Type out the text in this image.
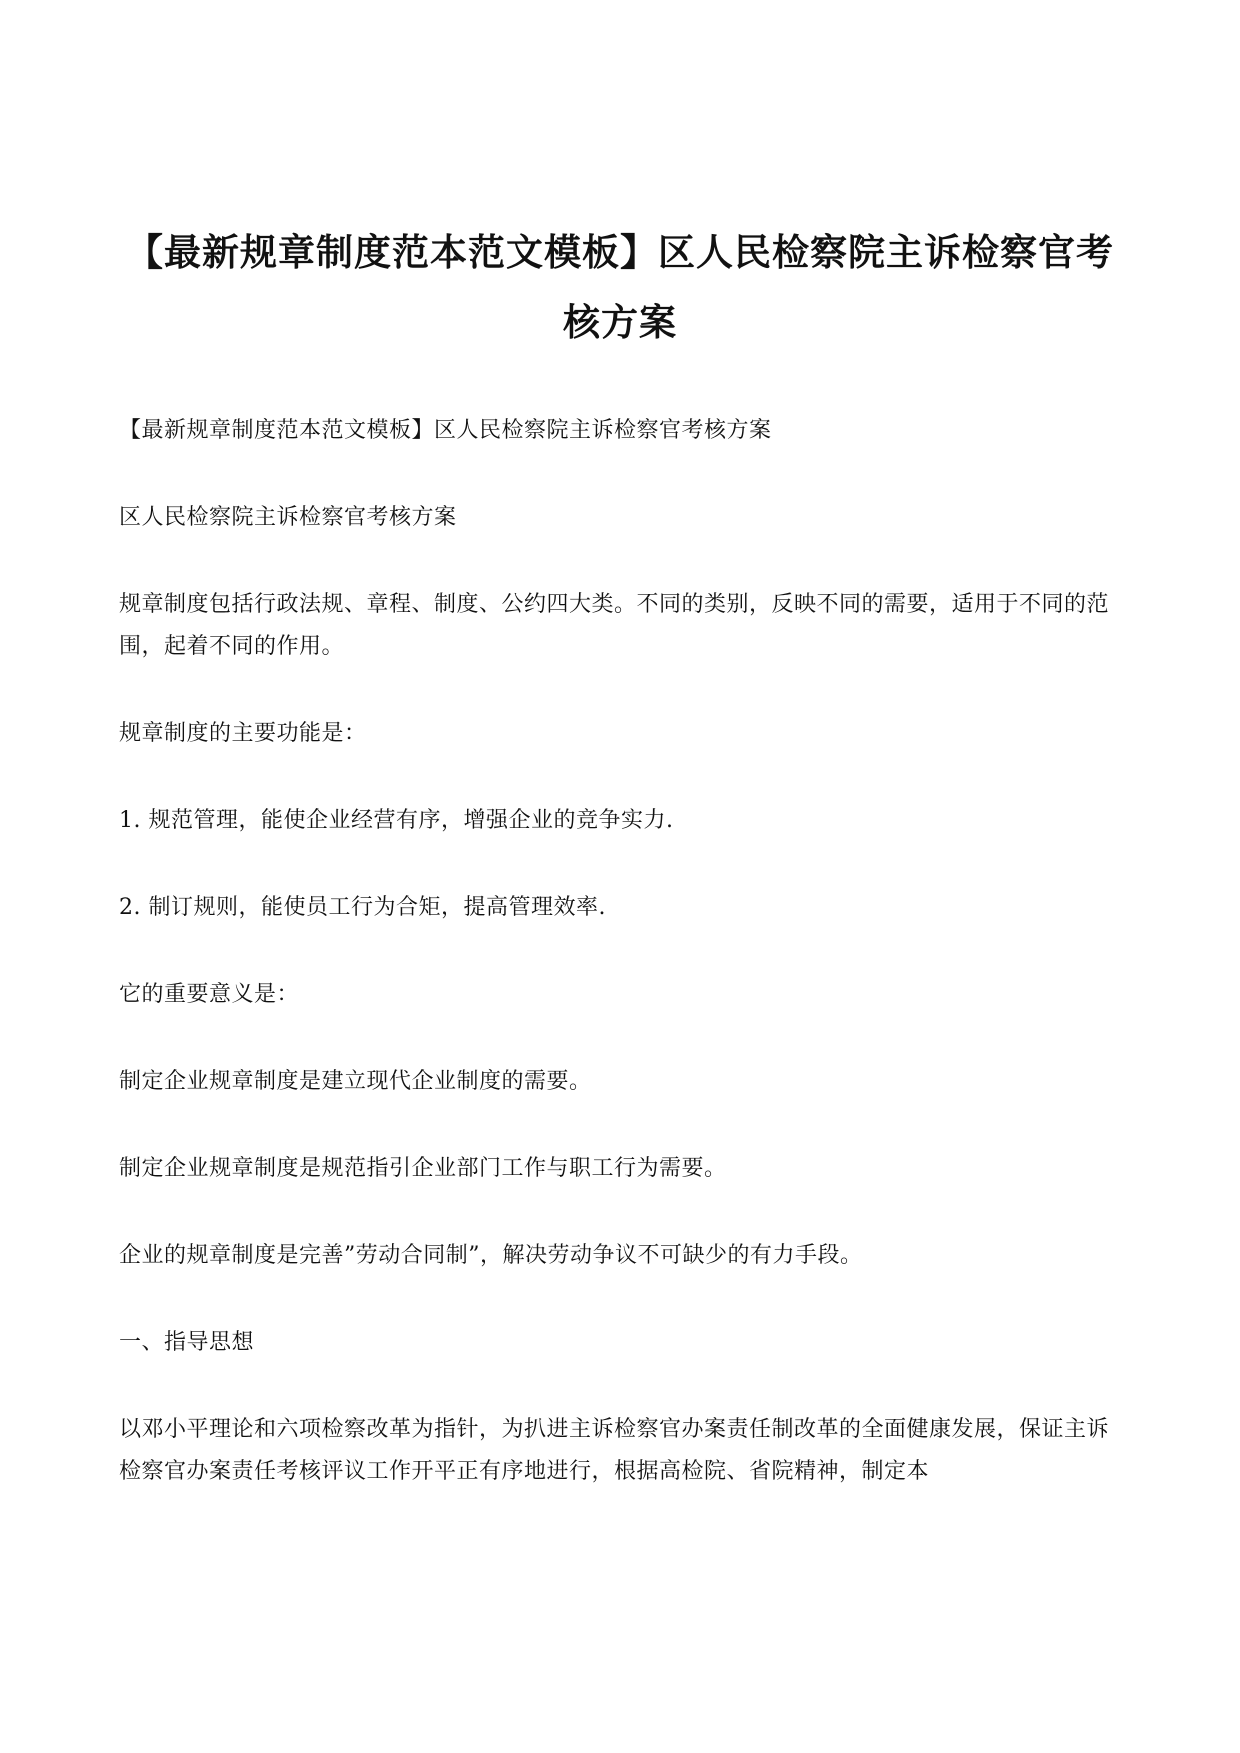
【最新规章制度范本范文模板】区人民检察院主诉检察官考核方案

【最新规章制度范本范文模板】区人民检察院主诉检察官考核方案

区人民检察院主诉检察官考核方案

规章制度包括行政法规、章程、制度、公约四大类。不同的类别，反映不同的需要，适用于不同的范围，起着不同的作用。

规章制度的主要功能是：

1. 规范管理，能使企业经营有序，增强企业的竞争实力.

2. 制订规则，能使员工行为合矩，提高管理效率.

它的重要意义是：

制定企业规章制度是建立现代企业制度的需要。

制定企业规章制度是规范指引企业部门工作与职工行为需要。

企业的规章制度是完善”劳动合同制”，解决劳动争议不可缺少的有力手段。

一、指导思想

以邓小平理论和六项检察改革为指针，为扒进主诉检察官办案责任制改革的全面健康发展，保证主诉检察官办案责任考核评议工作开平正有序地进行，根据高检院、省院精神，制定本
